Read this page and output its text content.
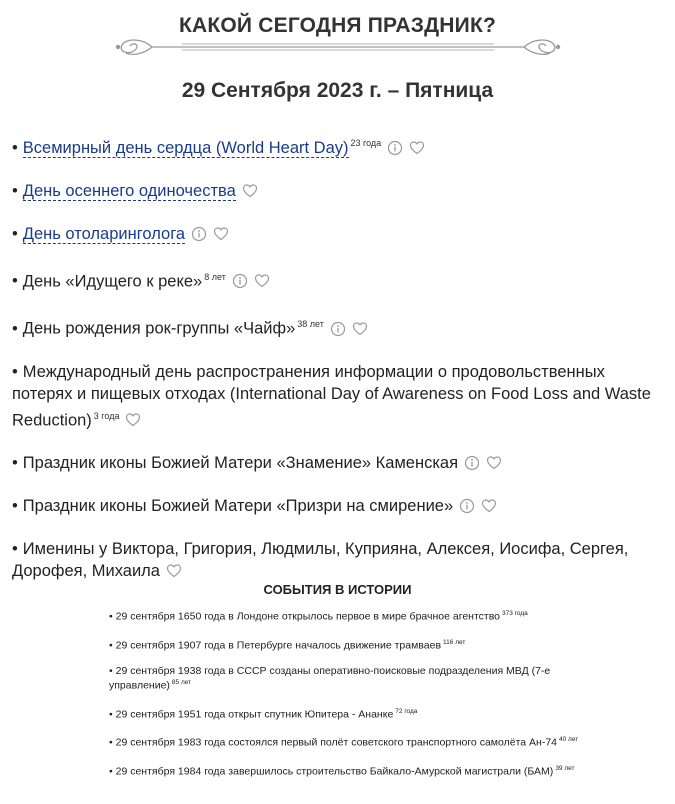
КАКОЙ СЕГОДНЯ ПРАЗДНИК?
29 Сентября 2023 г. – Пятница
• Всемирный день сердца (World Heart Day) $^{23 года}$
• День осеннего одиночества
• День отоларинголога
• День «Идущего к реке» $^{8 лет}$
• День рождения рок-группы «Чайф» $^{38 лет}$
• Международный день распространения информации о продовольственных потерях и пищевых отходах (International Day of Awareness on Food Loss and Waste Reduction) $^{3 года}$
• Праздник иконы Божией Матери «Знамение» Каменская
• Праздник иконы Божией Матери «Призри на смирение»
• Именины у Виктора, Григория, Людмилы, Куприяна, Алексея, Иосифа, Сергея, Дорофея, Михаила
СОБЫТИЯ В ИСТОРИИ
• 29 сентября 1650 года в Лондоне открылось первое в мире брачное агентство $^{373 года}$
• 29 сентября 1907 года в Петербурге началось движение трамваев $^{116 лет}$
• 29 сентября 1938 года в СССР созданы оперативно-поисковые подразделения МВД (7-е управление) $^{85 лет}$
• 29 сентября 1951 года открыт спутник Юпитера - Ананке $^{72 года}$
• 29 сентября 1983 года состоялся первый полёт советского транспортного самолёта Ан-74 $^{40 лет}$
• 29 сентября 1984 года завершилось строительство Байкало-Амурской магистрали (БАМ) $^{39 лет}$
